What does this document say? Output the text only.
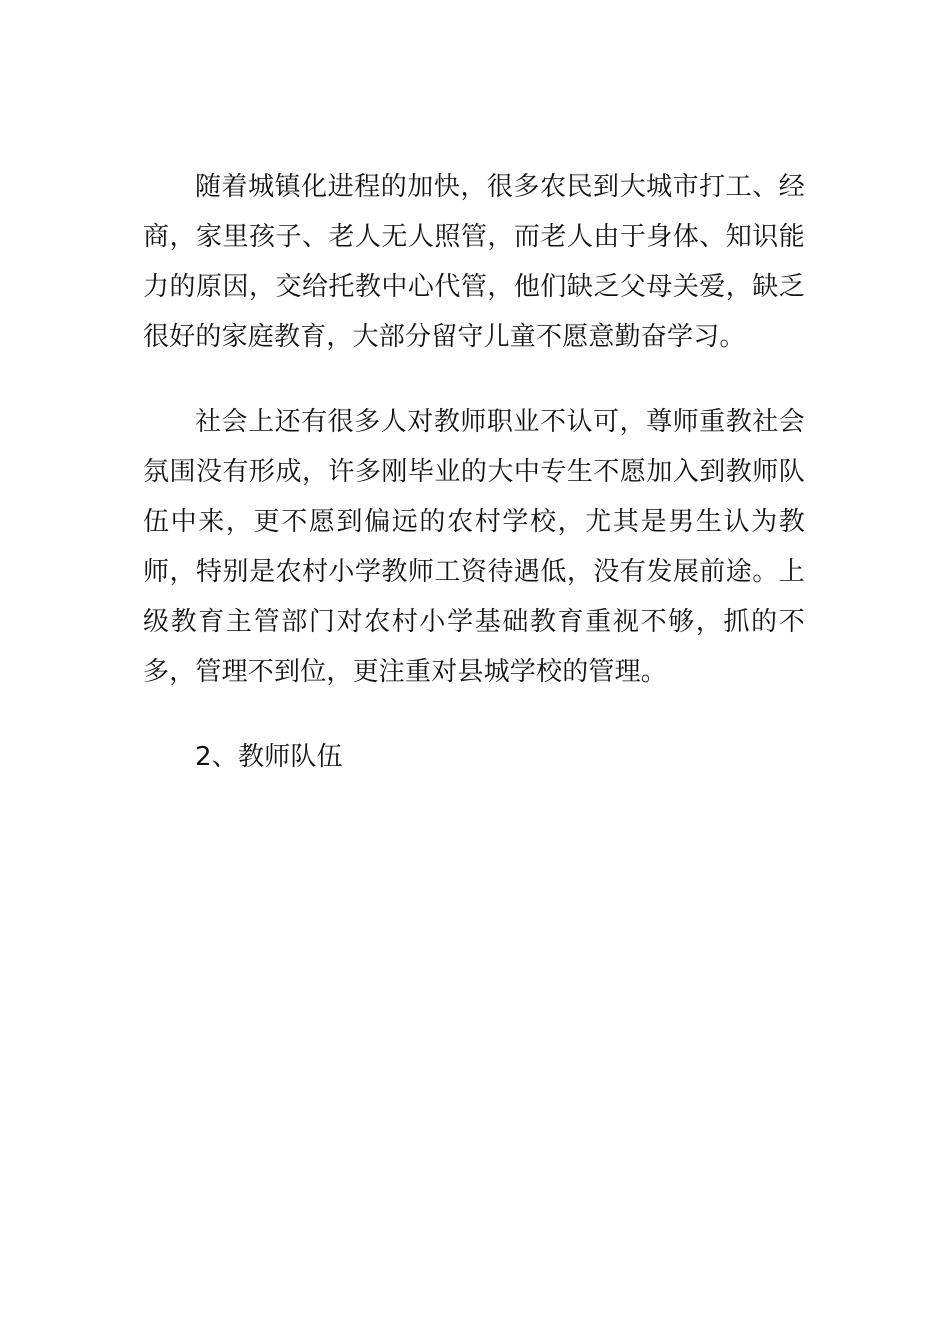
随着城镇化进程的加快，很多农民到大城市打工、经商，家里孩子、老人无人照管，而老人由于身体、知识能力的原因，交给托教中心代管，他们缺乏父母关爱，缺乏很好的家庭教育，大部分留守儿童不愿意勤奋学习。

社会上还有很多人对教师职业不认可，尊师重教社会氛围没有形成，许多刚毕业的大中专生不愿加入到教师队伍中来，更不愿到偏远的农村学校，尤其是男生认为教师，特别是农村小学教师工资待遇低，没有发展前途。上级教育主管部门对农村小学基础教育重视不够，抓的不多，管理不到位，更注重对县城学校的管理。

2、教师队伍
